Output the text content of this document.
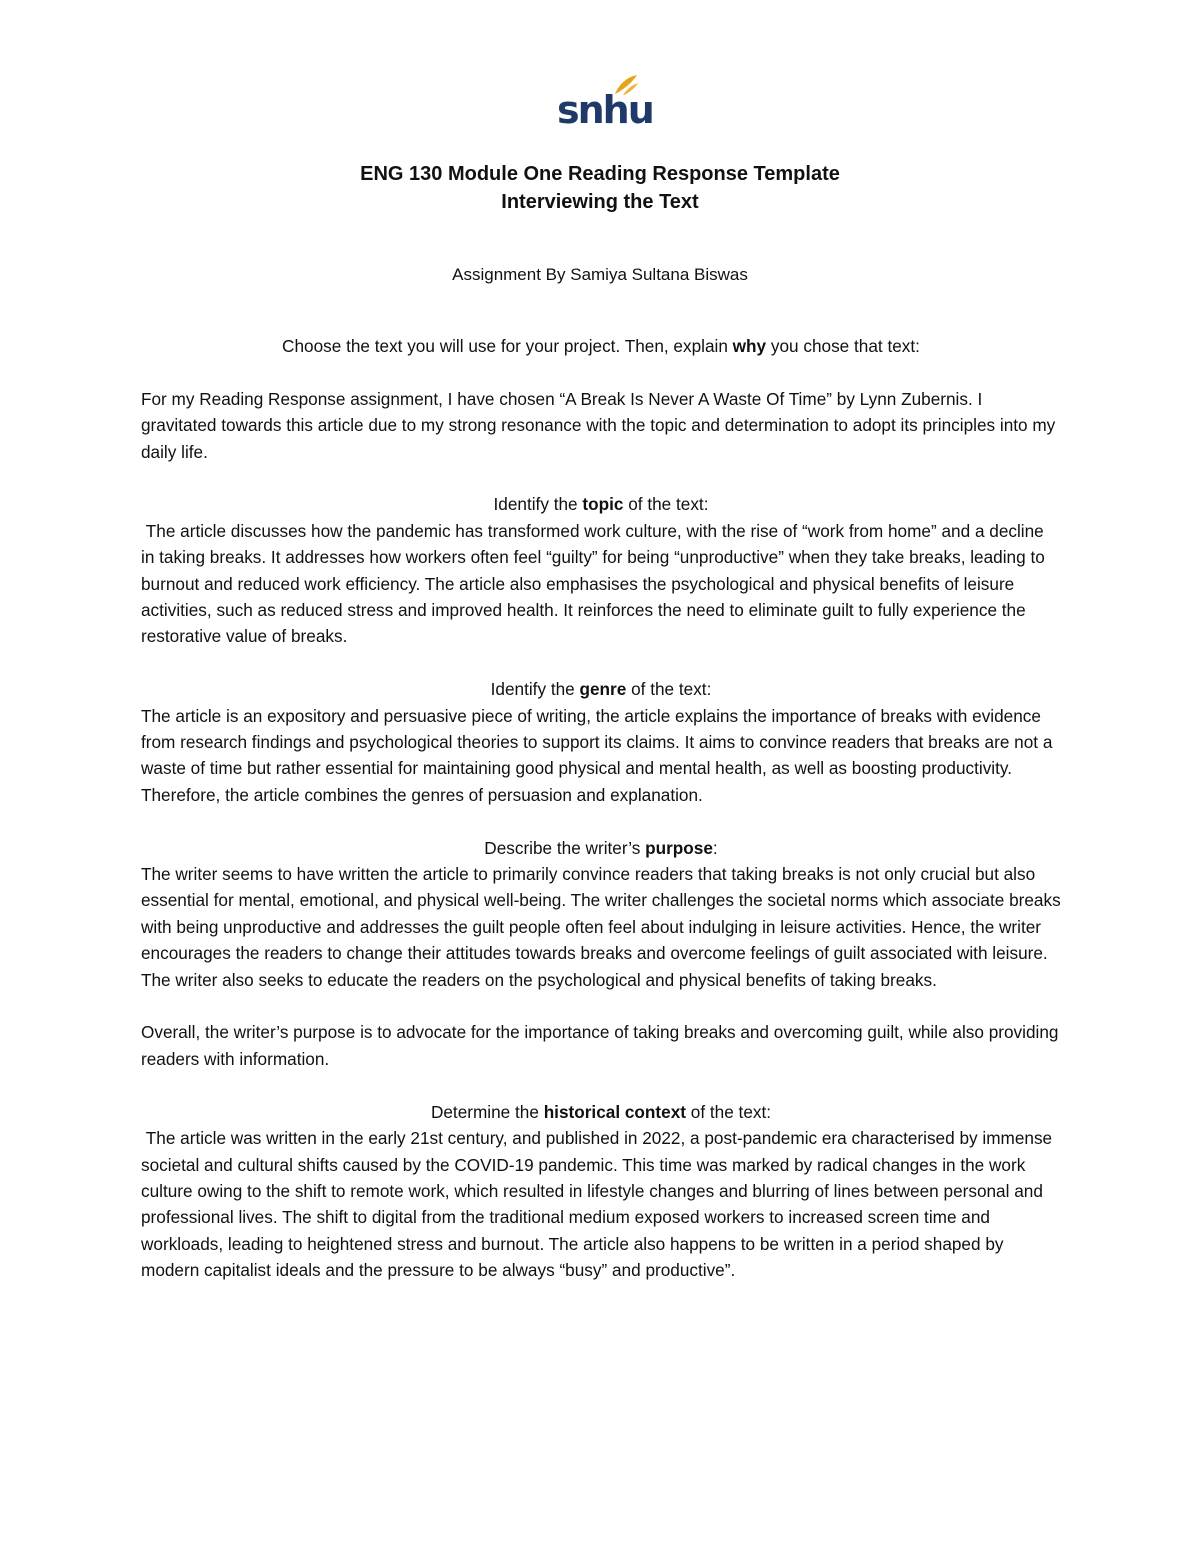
snhu
ENG 130 Module One Reading Response Template
Interviewing the Text
Assignment By Samiya Sultana Biswas

Choose the text you will use for your project. Then, explain why you chose that text:

For my Reading Response assignment, I have chosen “A Break Is Never A Waste Of Time” by Lynn Zubernis. I gravitated towards this article due to my strong resonance with the topic and determination to adopt its principles into my daily life.

Identify the topic of the text:

The article discusses how the pandemic has transformed work culture, with the rise of “work from home” and a decline in taking breaks. It addresses how workers often feel “guilty” for being “unproductive” when they take breaks, leading to burnout and reduced work efficiency. The article also emphasises the psychological and physical benefits of leisure activities, such as reduced stress and improved health. It reinforces the need to eliminate guilt to fully experience the restorative value of breaks.

Identify the genre of the text:

The article is an expository and persuasive piece of writing, the article explains the importance of breaks with evidence from research findings and psychological theories to support its claims. It aims to convince readers that breaks are not a waste of time but rather essential for maintaining good physical and mental health, as well as boosting productivity. Therefore, the article combines the genres of persuasion and explanation.

Describe the writer’s purpose:

The writer seems to have written the article to primarily convince readers that taking breaks is not only crucial but also essential for mental, emotional, and physical well-being. The writer challenges the societal norms which associate breaks with being unproductive and addresses the guilt people often feel about indulging in leisure activities. Hence, the writer encourages the readers to change their attitudes towards breaks and overcome feelings of guilt associated with leisure.

The writer also seeks to educate the readers on the psychological and physical benefits of taking breaks.

Overall, the writer’s purpose is to advocate for the importance of taking breaks and overcoming guilt, while also providing readers with information.

Determine the historical context of the text:

The article was written in the early 21st century, and published in 2022, a post-pandemic era characterised by immense societal and cultural shifts caused by the COVID-19 pandemic. This time was marked by radical changes in the work culture owing to the shift to remote work, which resulted in lifestyle changes and blurring of lines between personal and professional lives. The shift to digital from the traditional medium exposed workers to increased screen time and workloads, leading to heightened stress and burnout. The article also happens to be written in a period shaped by modern capitalist ideals and the pressure to be always “busy” and productive”.
